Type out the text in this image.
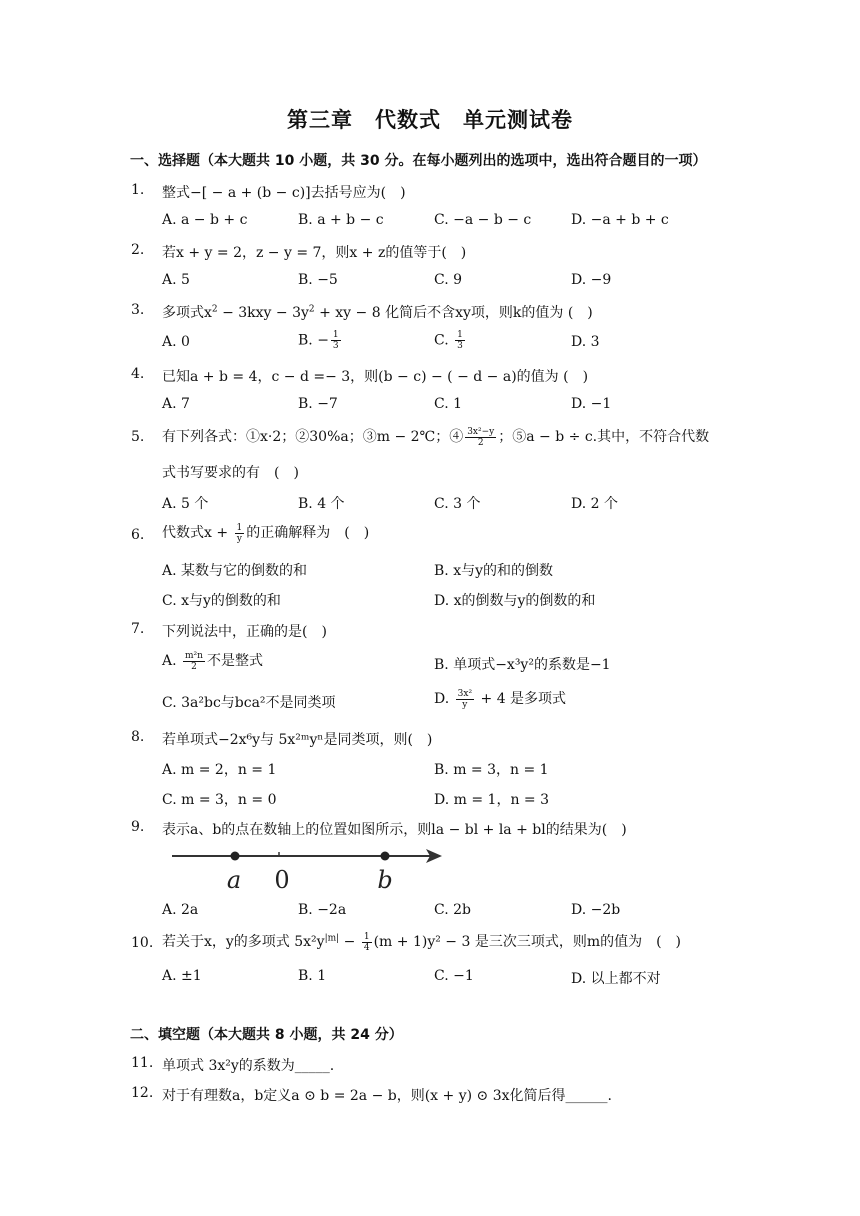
第三章　代数式　单元测试卷
一、选择题（本大题共 10 小题，共 30 分。在每小题列出的选项中，选出符合题目的一项）
1.	整式−[ − a + (b − c)]去括号应为(　)
A. a − b + c	B. a + b − c	C. −a − b − c	D. −a + b + c
2.	若x + y = 2，z − y = 7，则x + z的值等于(　)
A. 5	B. −5	C. 9	D. −9
3.	多项式$x^2 - 3kxy - 3y^2$ + xy − 8 化简后不含xy项，则k的值为 (　)
A. 0	B. − $\frac{1}{3}$	C. $\frac{1}{3}$	D. 3
4.	已知a + b = 4，c − d =− 3，则(b − c) − ( − d − a)的值为 (　)
A. 7	B. −7	C. 1	D. −1
5.	有下列各式：①x·2；②30%a；③m − 2℃；④ $\frac{\text{3x²−y}}{2}$ ；⑤a − b ÷ c.其中，不符合代数
式书写要求的有　(　)
A. 5 个	B. 4 个	C. 3 个	D. 2 个
6.	代数式$x + \frac{1}{y}$ 的正确解释为　(　)
A. 某数与它的倒数的和	B. x与y的和的倒数
C. x与y的倒数的和	D. x的倒数与y的倒数的和
7.	下列说法中，正确的是(　)
A. $\frac{\text{m²n}}{2}$ 不是整式	B. 单项式−x³y²的系数是−1
C. 3a²bc与bca²不是同类项	D. $\frac{\text{3x²}}{y} + 4$ 是多项式
8.	若单项式−2x⁶y与 5x²ᵐyⁿ是同类项，则(　)
A. m = 2，n = 1	B. m = 3，n = 1
C. m = 3，n = 0	D. m = 1，n = 3
9.	表示a、b的点在数轴上的位置如图所示，则la − bl + la + bl的结果为(　)
a 0	b
A. 2a	B. −2a	C. 2b	D. −2b
10. 若关于x，y的多项式 $5x^2y^{|m|} - \frac{1}{4} (m + 1)y^2 - 3$ 是三次三项式，则m的值为　(　)
A. ±1	B. 1	C. −1	D. 以上都不对
二、填空题（本大题共 8 小题，共 24 分）
11. 单项式 3x²y的系数为_____.
12. 对于有理数a，b定义a ⊙ b = 2a − b，则(x + y) ⊙ 3x化简后得______.
